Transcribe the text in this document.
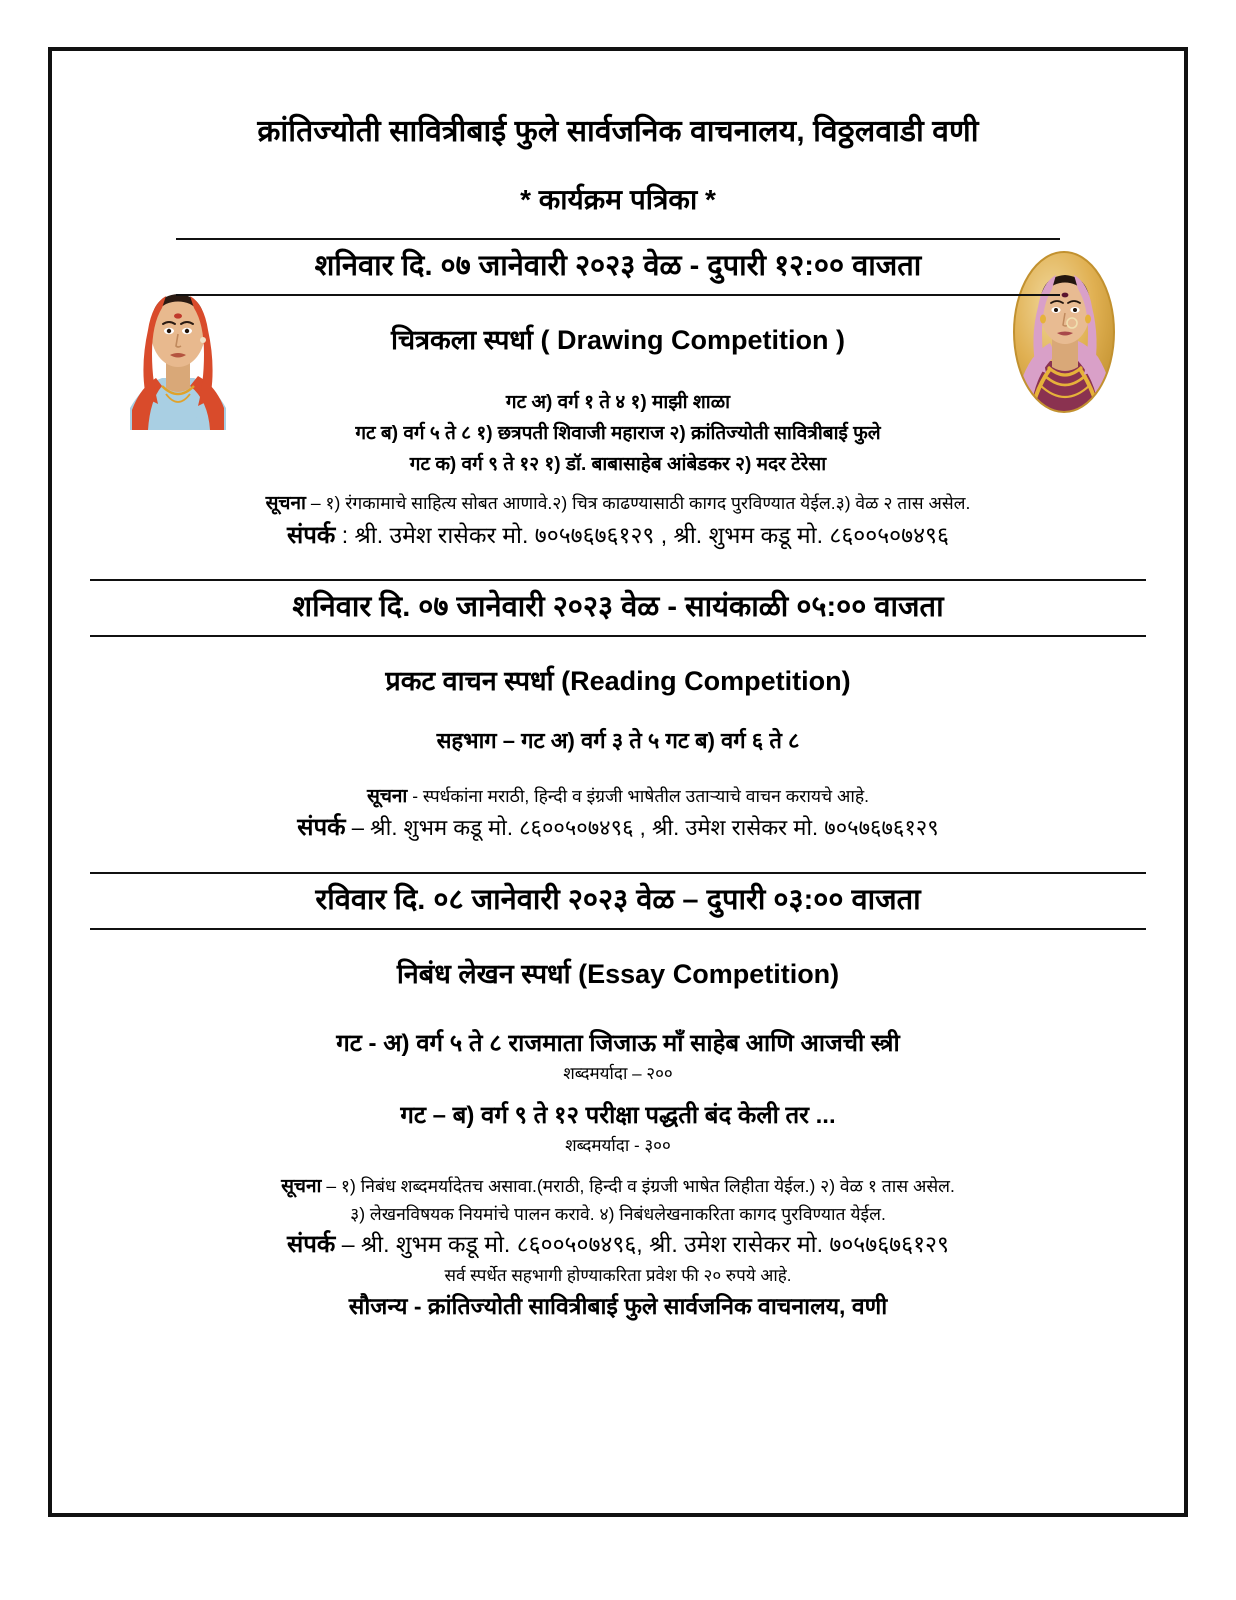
क्रांतिज्योती सावित्रीबाई फुले सार्वजनिक वाचनालय, विठ्ठलवाडी वणी
* कार्यक्रम पत्रिका *
शनिवार दि. ०७ जानेवारी २०२३ वेळ - दुपारी १२:०० वाजता
चित्रकला स्पर्धा ( Drawing Competition )
गट अ) वर्ग १ ते ४ १) माझी शाळा
गट ब) वर्ग ५ ते ८ १) छत्रपती शिवाजी महाराज २) क्रांतिज्योती सावित्रीबाई फुले
गट क) वर्ग ९ ते १२ १) डॉ. बाबासाहेब आंबेडकर २) मदर टेरेसा
सूचना – १) रंगकामाचे साहित्य सोबत आणावे.२) चित्र काढण्यासाठी कागद पुरविण्यात येईल.३) वेळ २ तास असेल.
संपर्क : श्री. उमेश रासेकर मो. ७०५७६७६१२९ , श्री. शुभम कडू मो. ८६००५०७४९६
शनिवार दि. ०७ जानेवारी २०२३ वेळ - सायंकाळी ०५:०० वाजता
प्रकट वाचन स्पर्धा (Reading Competition)
सहभाग – गट अ) वर्ग ३ ते ५ गट ब) वर्ग ६ ते ८
सूचना - स्पर्धकांना मराठी, हिन्दी व इंग्रजी भाषेतील उताऱ्याचे वाचन करायचे आहे.
संपर्क – श्री. शुभम कडू मो. ८६००५०७४९६ , श्री. उमेश रासेकर मो. ७०५७६७६१२९
रविवार दि. ०८ जानेवारी २०२३ वेळ – दुपारी ०३:०० वाजता
निबंध लेखन स्पर्धा (Essay Competition)
गट - अ) वर्ग ५ ते ८ राजमाता जिजाऊ माँ साहेब आणि आजची स्त्री
शब्दमर्यादा – २००
गट – ब) वर्ग ९ ते १२ परीक्षा पद्धती बंद केली तर ...
शब्दमर्यादा - ३००
सूचना – १) निबंध शब्दमर्यादेतच असावा.(मराठी, हिन्दी व इंग्रजी भाषेत लिहीता येईल.) २) वेळ १ तास असेल.
३) लेखनविषयक नियमांचे पालन करावे. ४) निबंधलेखनाकरिता कागद पुरविण्यात येईल.
संपर्क – श्री. शुभम कडू मो. ८६००५०७४९६, श्री. उमेश रासेकर मो. ७०५७६७६१२९
सर्व स्पर्धेत सहभागी होण्याकरिता प्रवेश फी २० रुपये आहे.
सौजन्य - क्रांतिज्योती सावित्रीबाई फुले सार्वजनिक वाचनालय, वणी
